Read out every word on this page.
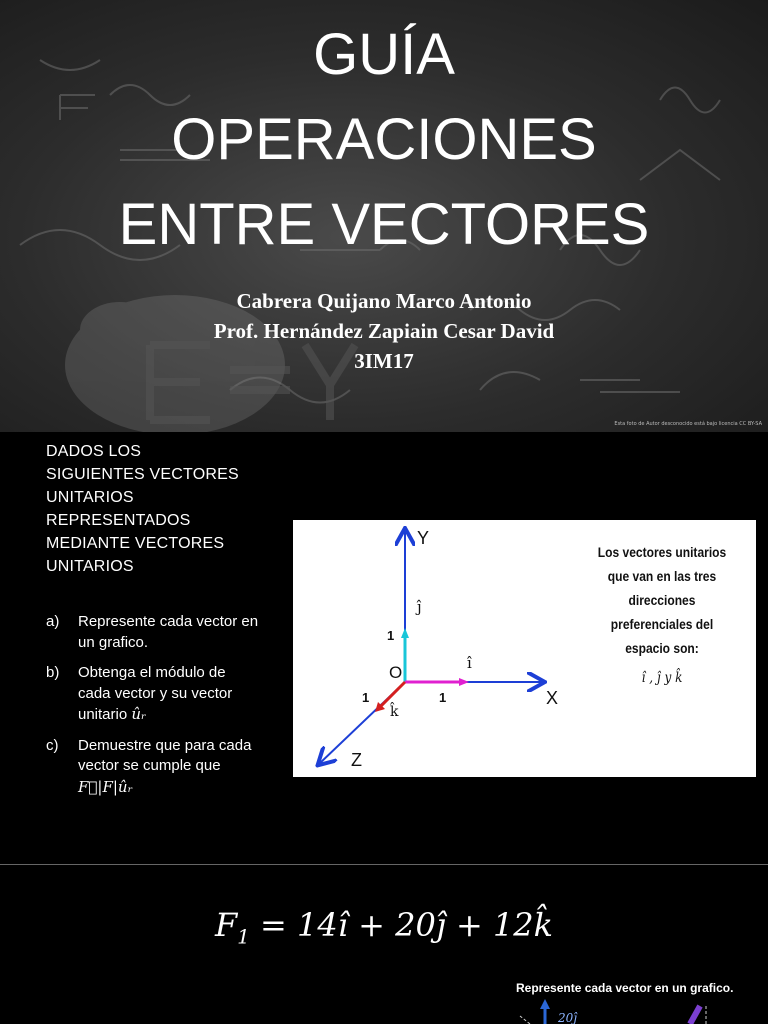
GUÍA
OPERACIONES
ENTRE VECTORES
Cabrera Quijano Marco Antonio
Prof. Hernández Zapiain Cesar David
3IM17
Esta foto de Autor desconocido está bajo licencia CC BY-SA
DADOS LOS
SIGUIENTES VECTORES
UNITARIOS
REPRESENTADOS
MEDIANTE VECTORES
UNITARIOS
a)	Represente cada vector en un grafico.
b)	Obtenga el módulo de cada vector y su vector unitario ûᵣ
c)	Demuestre que para cada vector se cumple que F⃗|F|ûᵣ
Y
X
Z
O
ĵ
î
k̂
1
1
1
Los vectores unitarios
que van en las tres
direcciones
preferenciales del
espacio son:
î , ĵ y k̂
$F_1$ = 14î + 20ĵ + 12k̂
Represente cada vector en un grafico.
20ĵ
